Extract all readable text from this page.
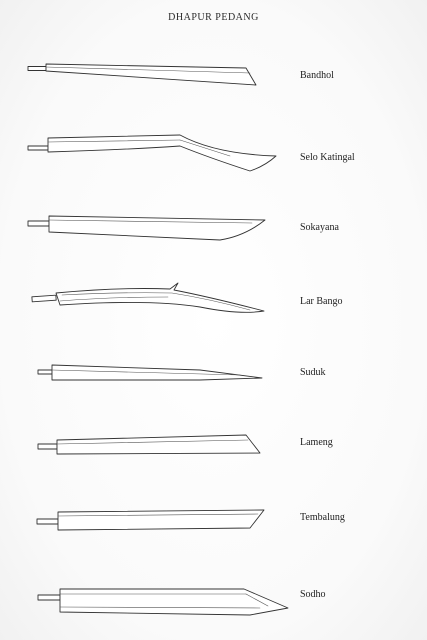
DHAPUR PEDANG
Bandhol
Selo Katingal
Sokayana
Lar Bango
Suduk
Lameng
Tembalung
Sodho
